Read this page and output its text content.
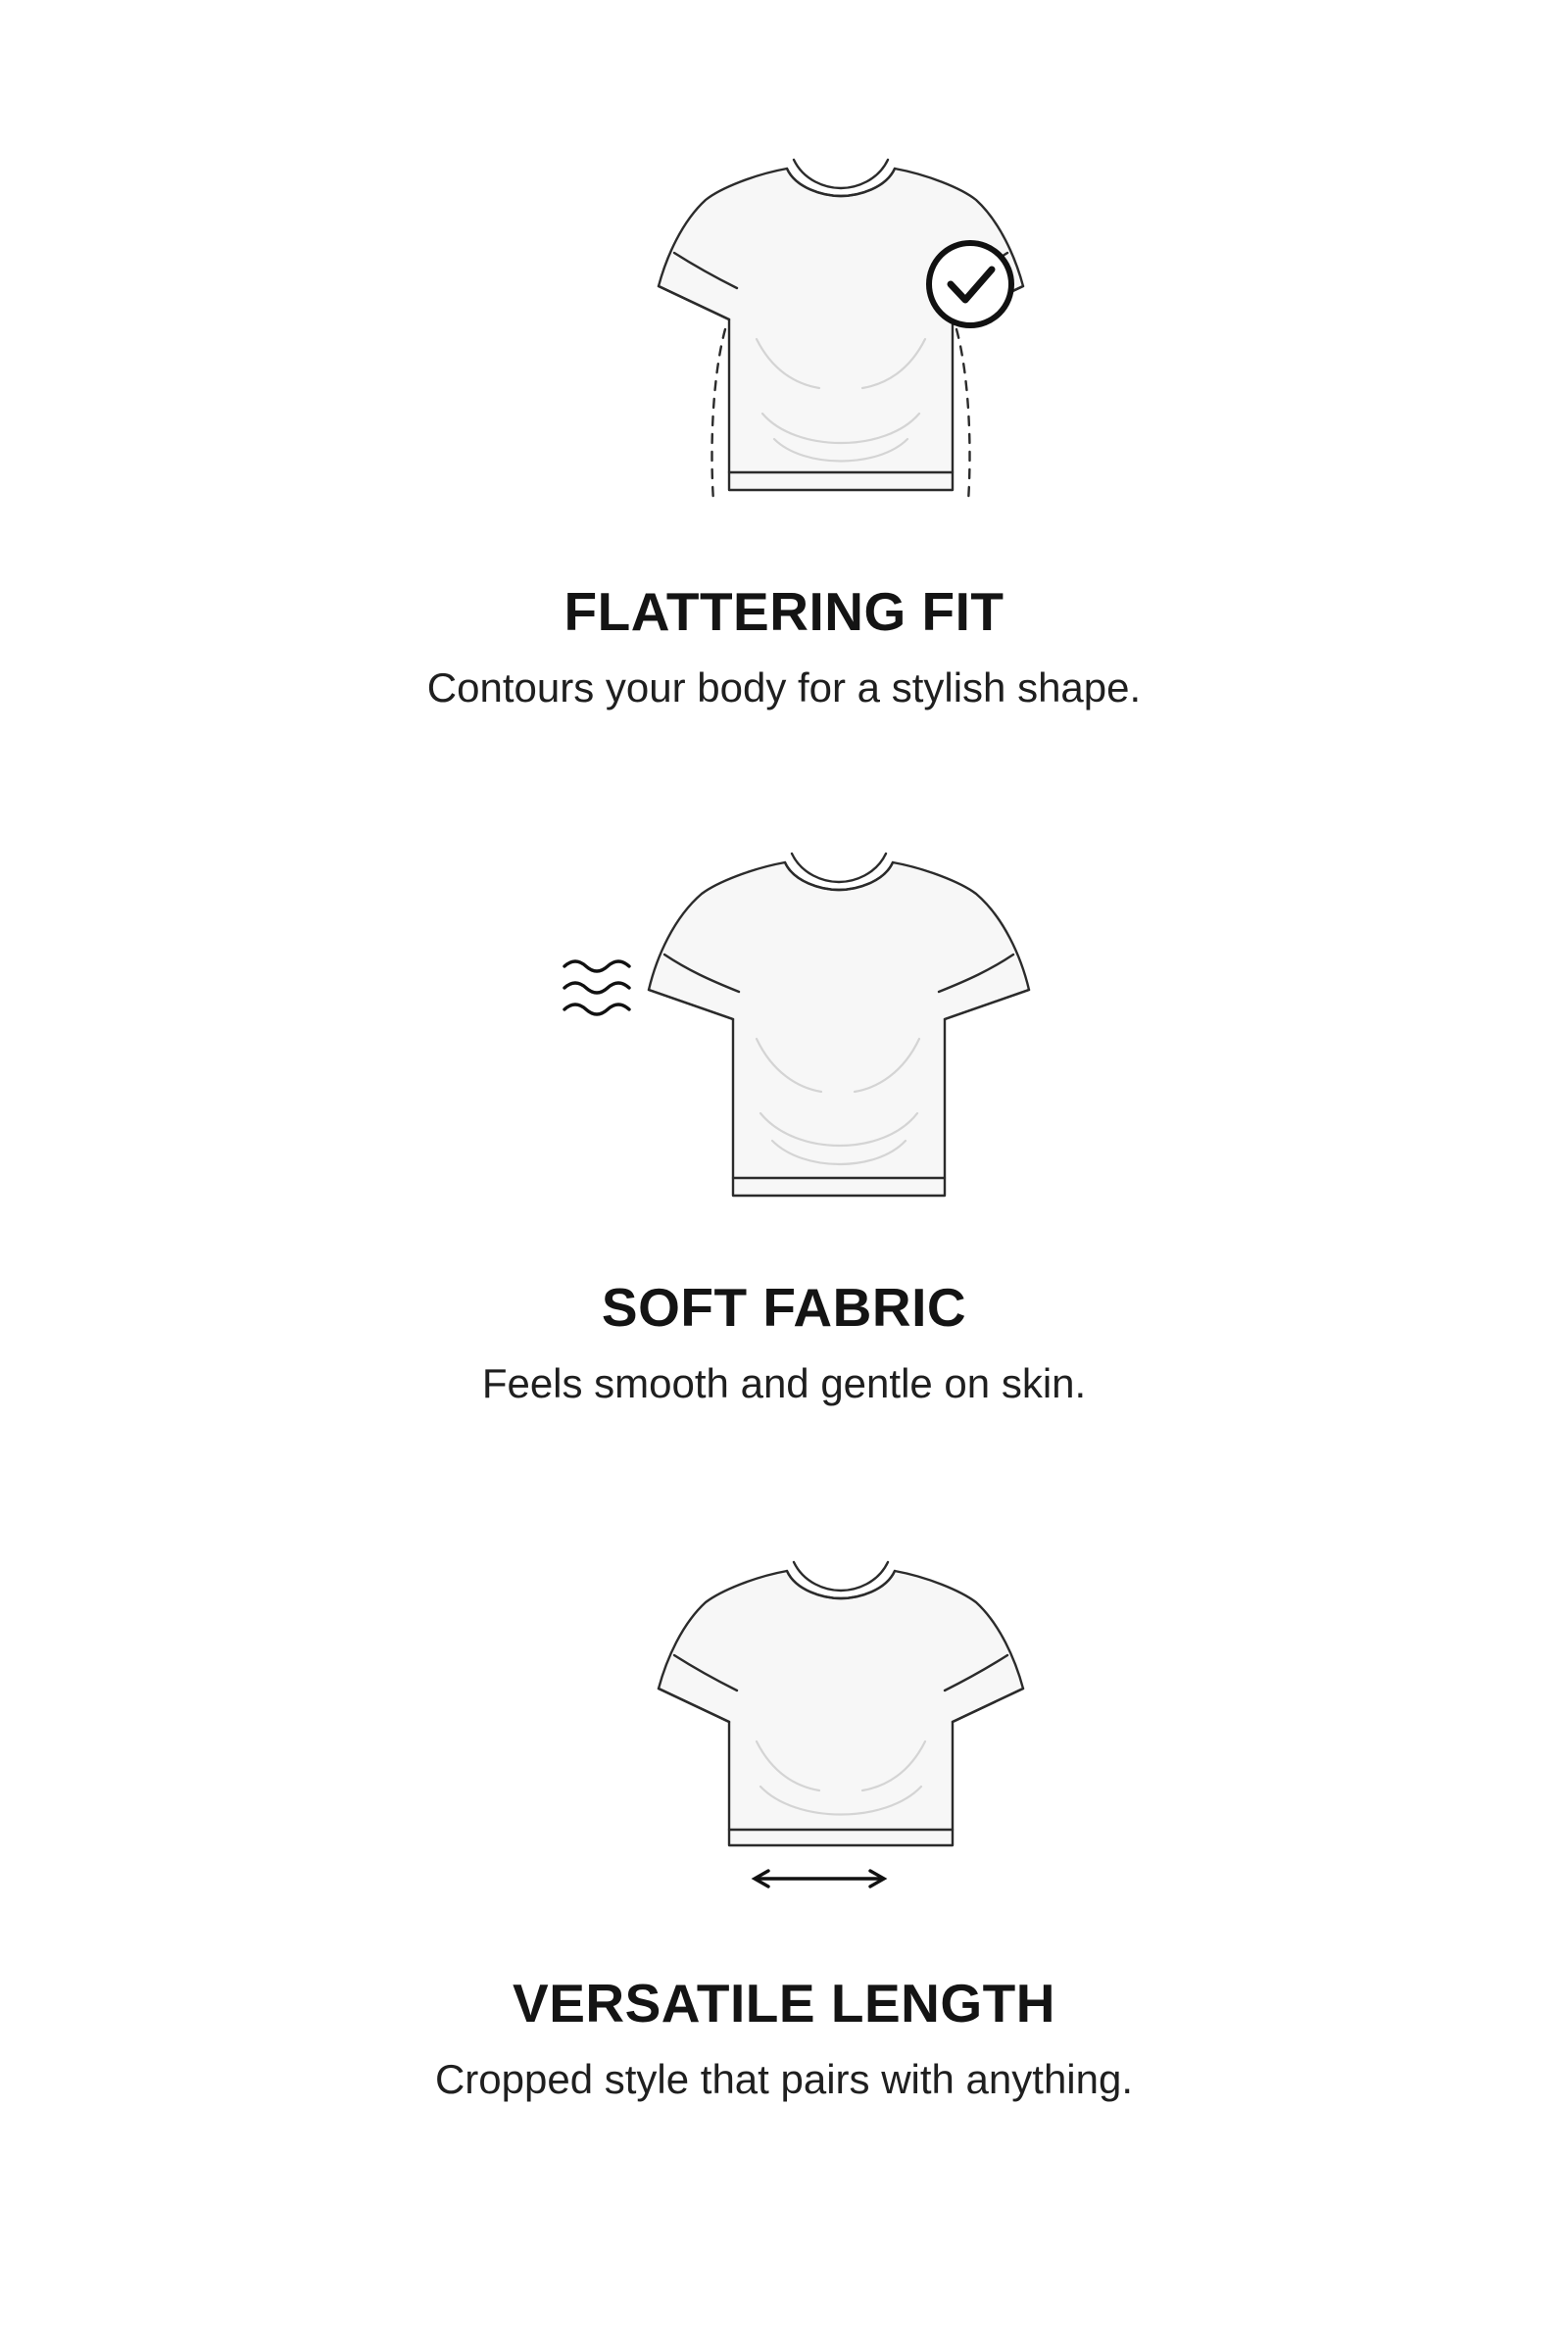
FLATTERING FIT
Contours your body for a stylish shape.
SOFT FABRIC
Feels smooth and gentle on skin.
VERSATILE LENGTH
Cropped style that pairs with anything.
